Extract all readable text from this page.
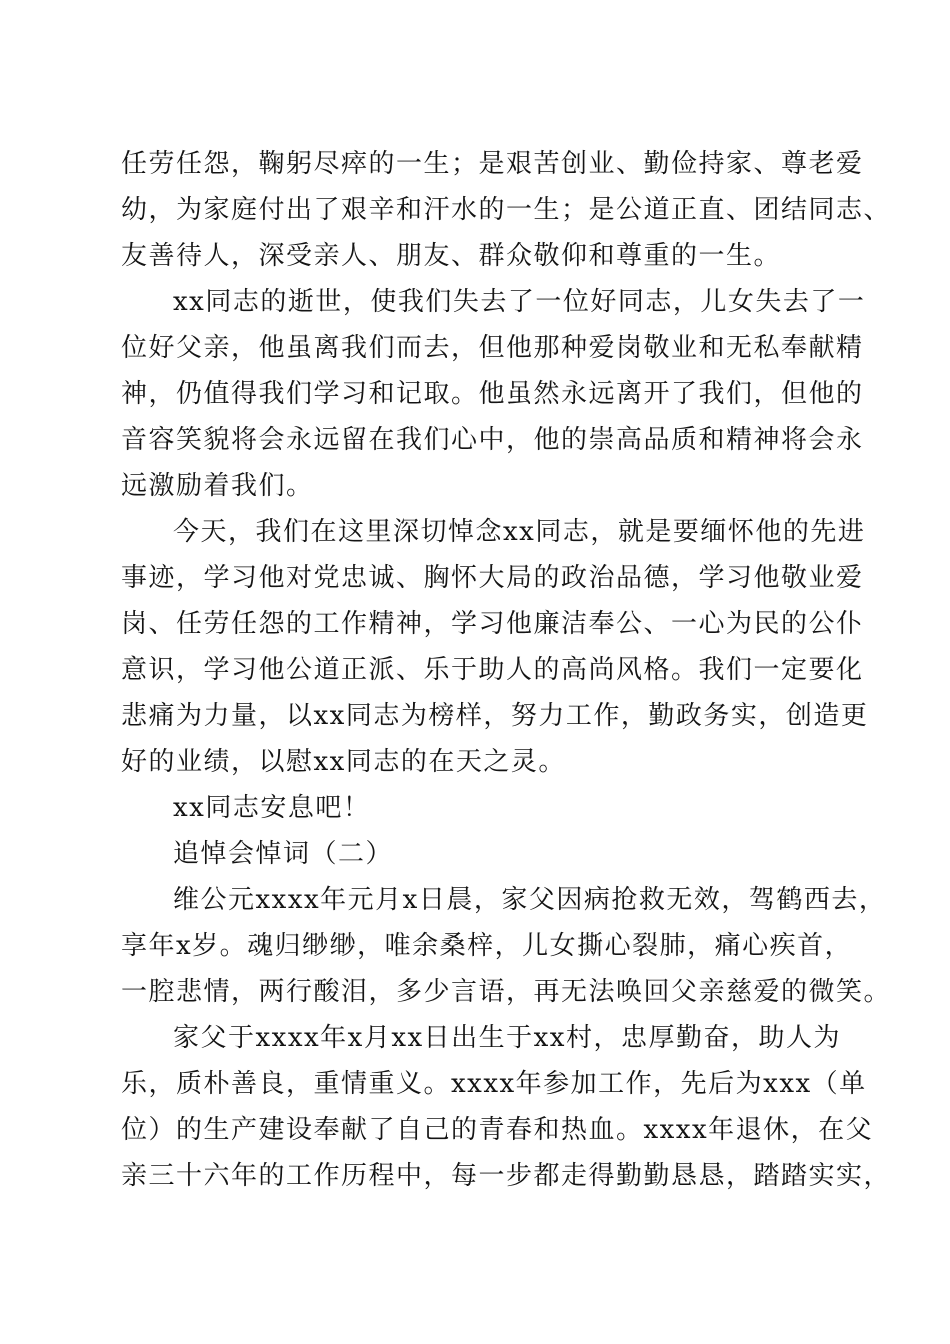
任劳任怨，鞠躬尽瘁的一生；是艰苦创业、勤俭持家、尊老爱
幼，为家庭付出了艰辛和汗水的一生；是公道正直、团结同志、
友善待人，深受亲人、朋友、群众敬仰和尊重的一生。
xx同志的逝世，使我们失去了一位好同志，儿女失去了一
位好父亲，他虽离我们而去，但他那种爱岗敬业和无私奉献精
神，仍值得我们学习和记取。他虽然永远离开了我们，但他的
音容笑貌将会永远留在我们心中，他的崇高品质和精神将会永
远激励着我们。
今天，我们在这里深切悼念xx同志，就是要缅怀他的先进
事迹，学习他对党忠诚、胸怀大局的政治品德，学习他敬业爱
岗、任劳任怨的工作精神，学习他廉洁奉公、一心为民的公仆
意识，学习他公道正派、乐于助人的高尚风格。我们一定要化
悲痛为力量，以xx同志为榜样，努力工作，勤政务实，创造更
好的业绩，以慰xx同志的在天之灵。
xx同志安息吧！
追悼会悼词（二）
维公元xxxx年元月x日晨，家父因病抢救无效，驾鹤西去，
享年x岁。魂归缈缈，唯余桑梓，儿女撕心裂肺，痛心疾首，
一腔悲情，两行酸泪，多少言语，再无法唤回父亲慈爱的微笑。
家父于xxxx年x月xx日出生于xx村，忠厚勤奋，助人为
乐，质朴善良，重情重义。xxxx年参加工作，先后为xxx（单
位）的生产建设奉献了自己的青春和热血。xxxx年退休，在父
亲三十六年的工作历程中，每一步都走得勤勤恳恳，踏踏实实，
